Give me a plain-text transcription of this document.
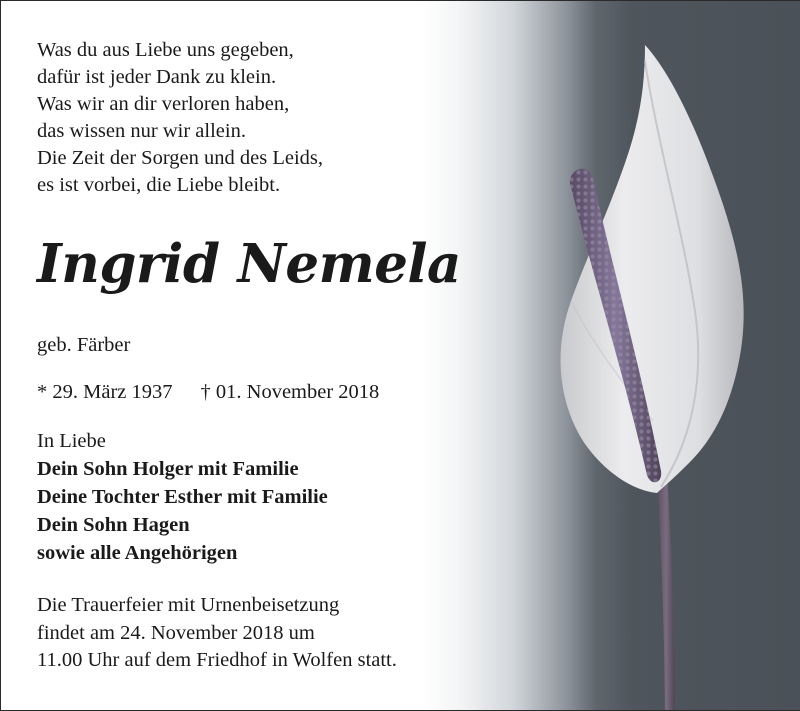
Was du aus Liebe uns gegeben,
dafür ist jeder Dank zu klein.
Was wir an dir verloren haben,
das wissen nur wir allein.
Die Zeit der Sorgen und des Leids,
es ist vorbei, die Liebe bleibt.
Ingrid Nemela
geb. Färber
* 29. März 1937 † 01. November 2018
In Liebe
Dein Sohn Holger mit Familie
Deine Tochter Esther mit Familie
Dein Sohn Hagen
sowie alle Angehörigen
Die Trauerfeier mit Urnenbeisetzung
findet am 24. November 2018 um
11.00 Uhr auf dem Friedhof in Wolfen statt.
